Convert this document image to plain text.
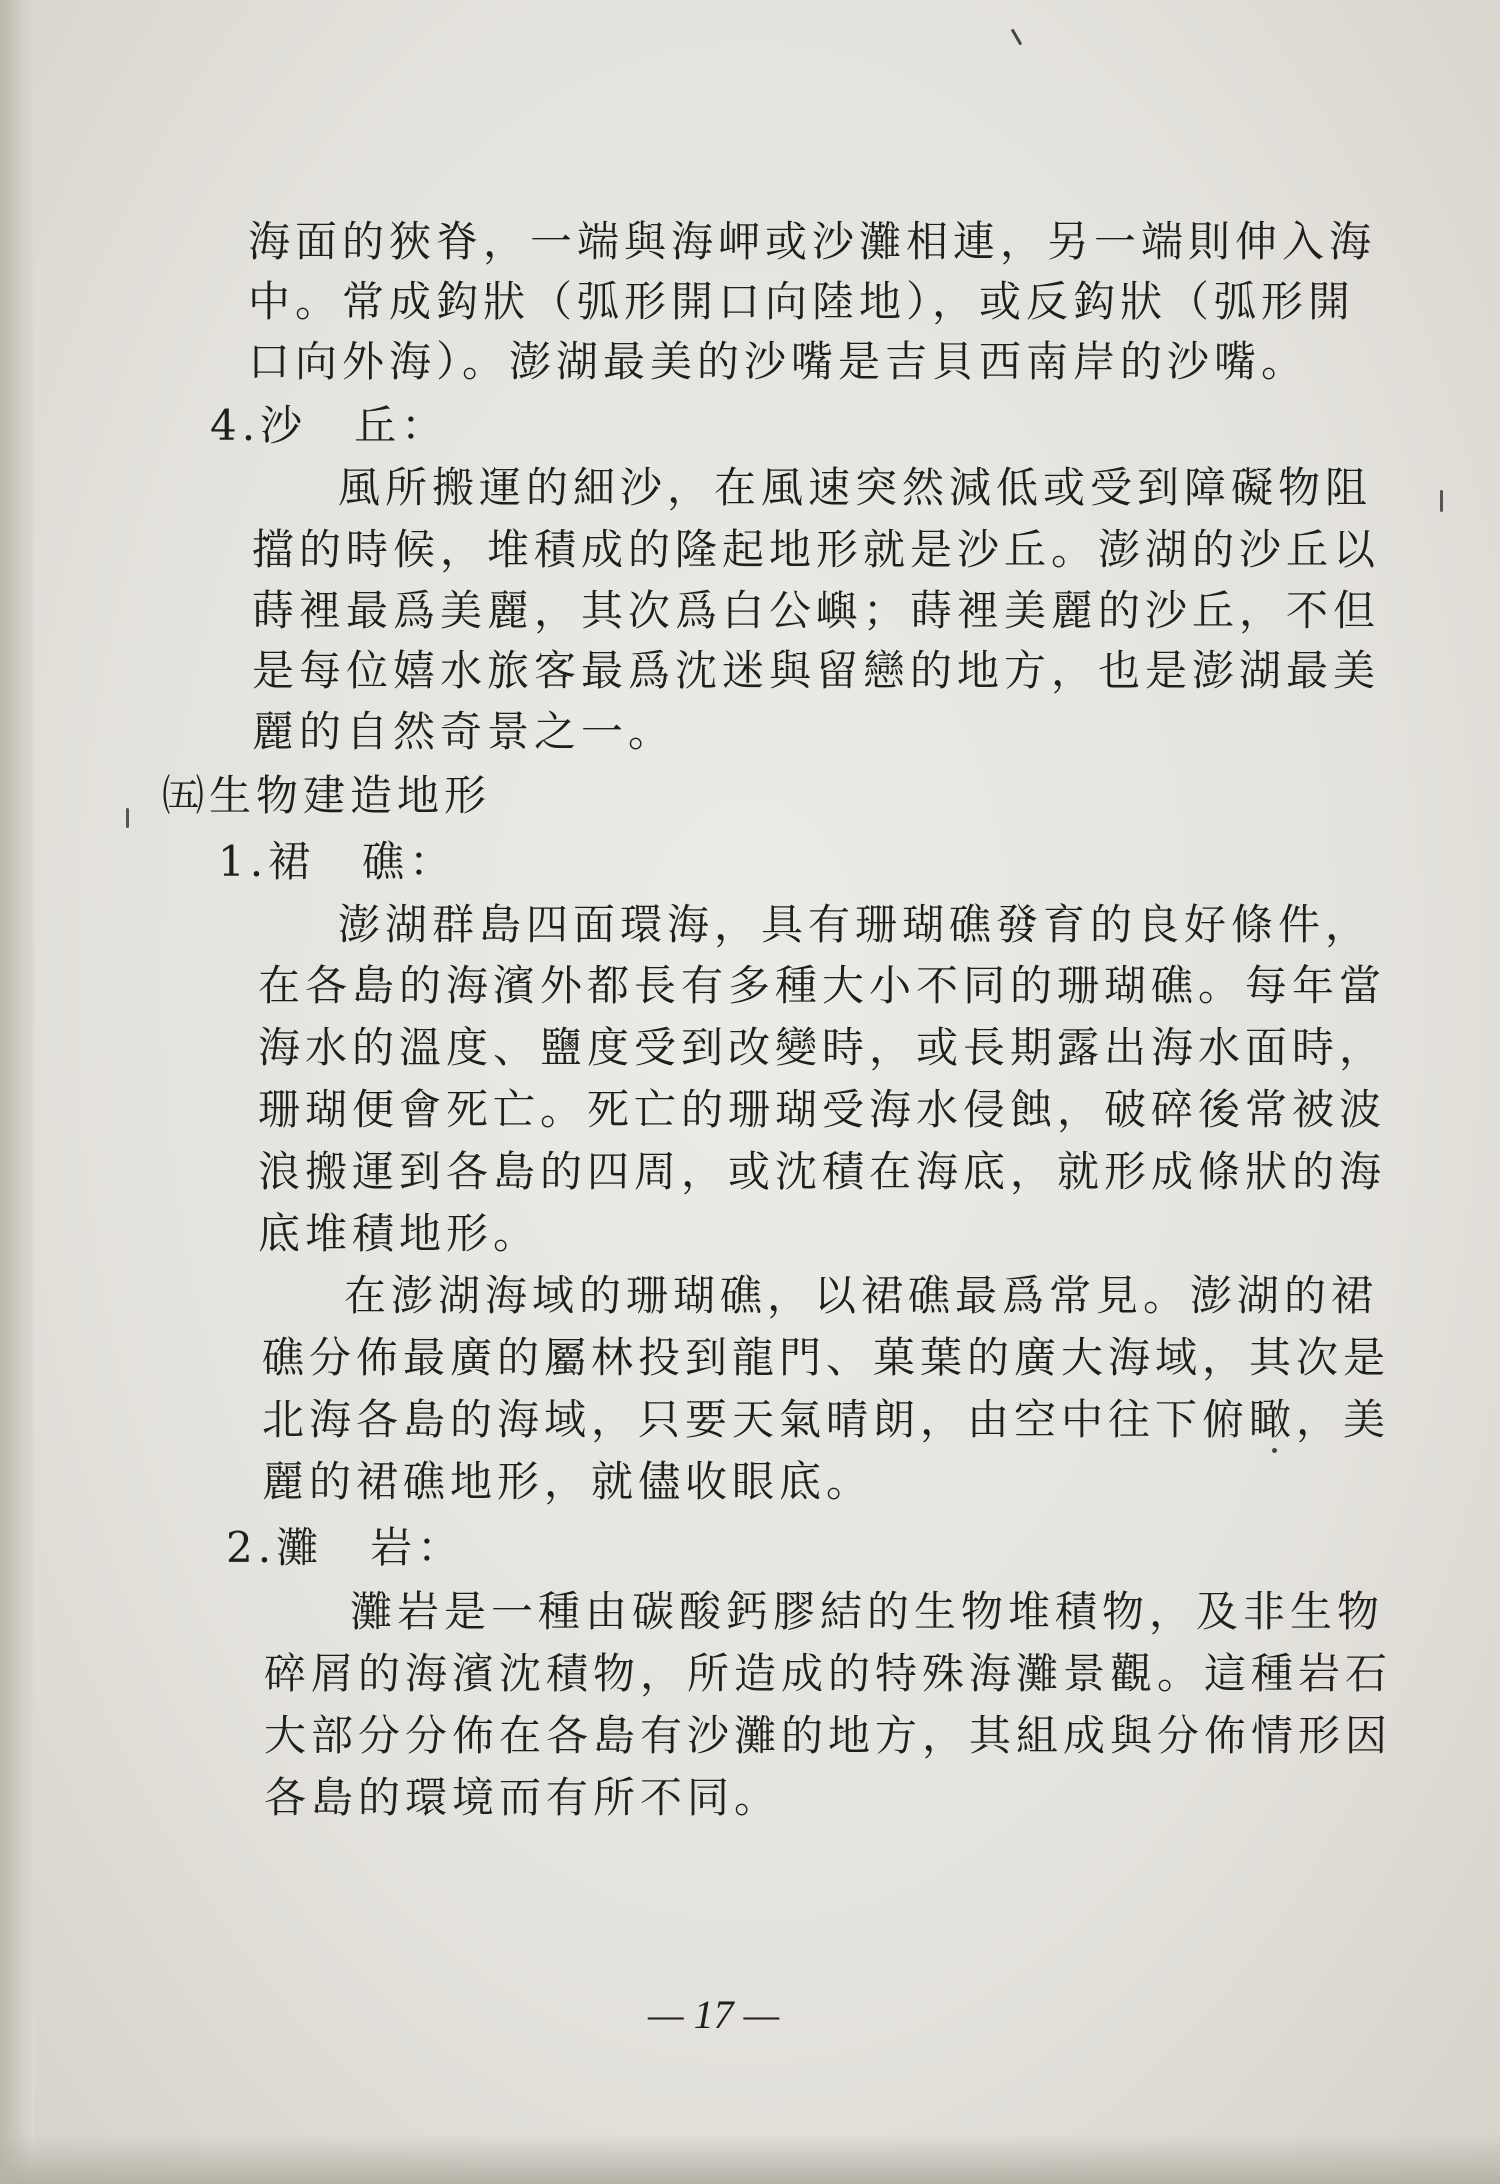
海面的狹脊，一端與海岬或沙灘相連，另一端則伸入海
中。常成鈎狀（弧形開口向陸地），或反鈎狀（弧形開
口向外海）。澎湖最美的沙嘴是吉貝西南岸的沙嘴。
4.沙　丘：
風所搬運的細沙，在風速突然減低或受到障礙物阻
擋的時候，堆積成的隆起地形就是沙丘。澎湖的沙丘以
蒔裡最爲美麗，其次爲白公嶼；蒔裡美麗的沙丘，不但
是每位嬉水旅客最爲沈迷與留戀的地方，也是澎湖最美
麗的自然奇景之一。
㈤生物建造地形
1.裙　礁：
澎湖群島四面環海，具有珊瑚礁發育的良好條件，
在各島的海濱外都長有多種大小不同的珊瑚礁。每年當
海水的溫度、鹽度受到改變時，或長期露出海水面時，
珊瑚便會死亡。死亡的珊瑚受海水侵蝕，破碎後常被波
浪搬運到各島的四周，或沈積在海底，就形成條狀的海
底堆積地形。
在澎湖海域的珊瑚礁，以裙礁最爲常見。澎湖的裙
礁分佈最廣的屬林投到龍門、菓葉的廣大海域，其次是
北海各島的海域，只要天氣晴朗，由空中往下俯瞰，美
麗的裙礁地形，就儘收眼底。
2.灘　岩：
灘岩是一種由碳酸鈣膠結的生物堆積物，及非生物
碎屑的海濱沈積物，所造成的特殊海灘景觀。這種岩石
大部分分佈在各島有沙灘的地方，其組成與分佈情形因
各島的環境而有所不同。
— 17 —
